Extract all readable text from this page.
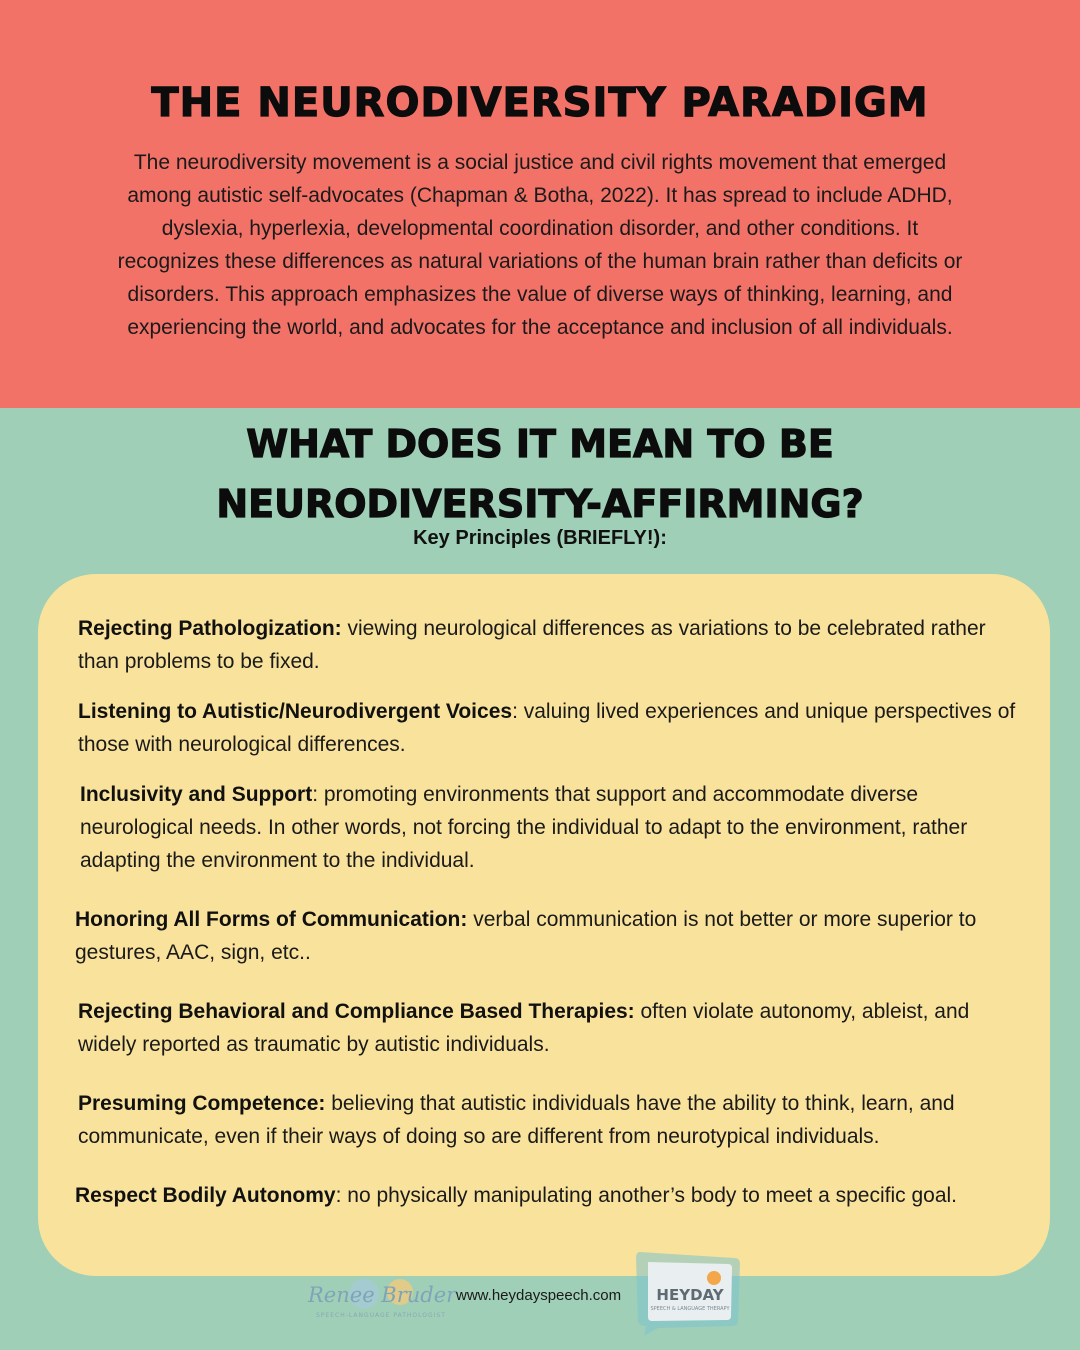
THE NEURODIVERSITY PARADIGM

The neurodiversity movement is a social justice and civil rights movement that emerged among autistic self-advocates (Chapman & Botha, 2022). It has spread to include ADHD, dyslexia, hyperlexia, developmental coordination disorder, and other conditions. It recognizes these differences as natural variations of the human brain rather than deficits or disorders. This approach emphasizes the value of diverse ways of thinking, learning, and experiencing the world, and advocates for the acceptance and inclusion of all individuals.

WHAT DOES IT MEAN TO BE NEURODIVERSITY-AFFIRMING?

Key Principles (BRIEFLY!):

Rejecting Pathologization: viewing neurological differences as variations to be celebrated rather than problems to be fixed.

Listening to Autistic/Neurodivergent Voices: valuing lived experiences and unique perspectives of those with neurological differences.

Inclusivity and Support: promoting environments that support and accommodate diverse neurological needs. In other words, not forcing the individual to adapt to the environment, rather adapting the environment to the individual.

Honoring All Forms of Communication: verbal communication is not better or more superior to gestures, AAC, sign, etc..

Rejecting Behavioral and Compliance Based Therapies: often violate autonomy, ableist, and widely reported as traumatic by autistic individuals.

Presuming Competence: believing that autistic individuals have the ability to think, learn, and communicate, even if their ways of doing so are different from neurotypical individuals.

Respect Bodily Autonomy: no physically manipulating another’s body to meet a specific goal.

Renee Bruder
SPEECH-LANGUAGE PATHOLOGIST

www.heydayspeech.com HEYDAY
SPEECH & LANGUAGE THERAPY
